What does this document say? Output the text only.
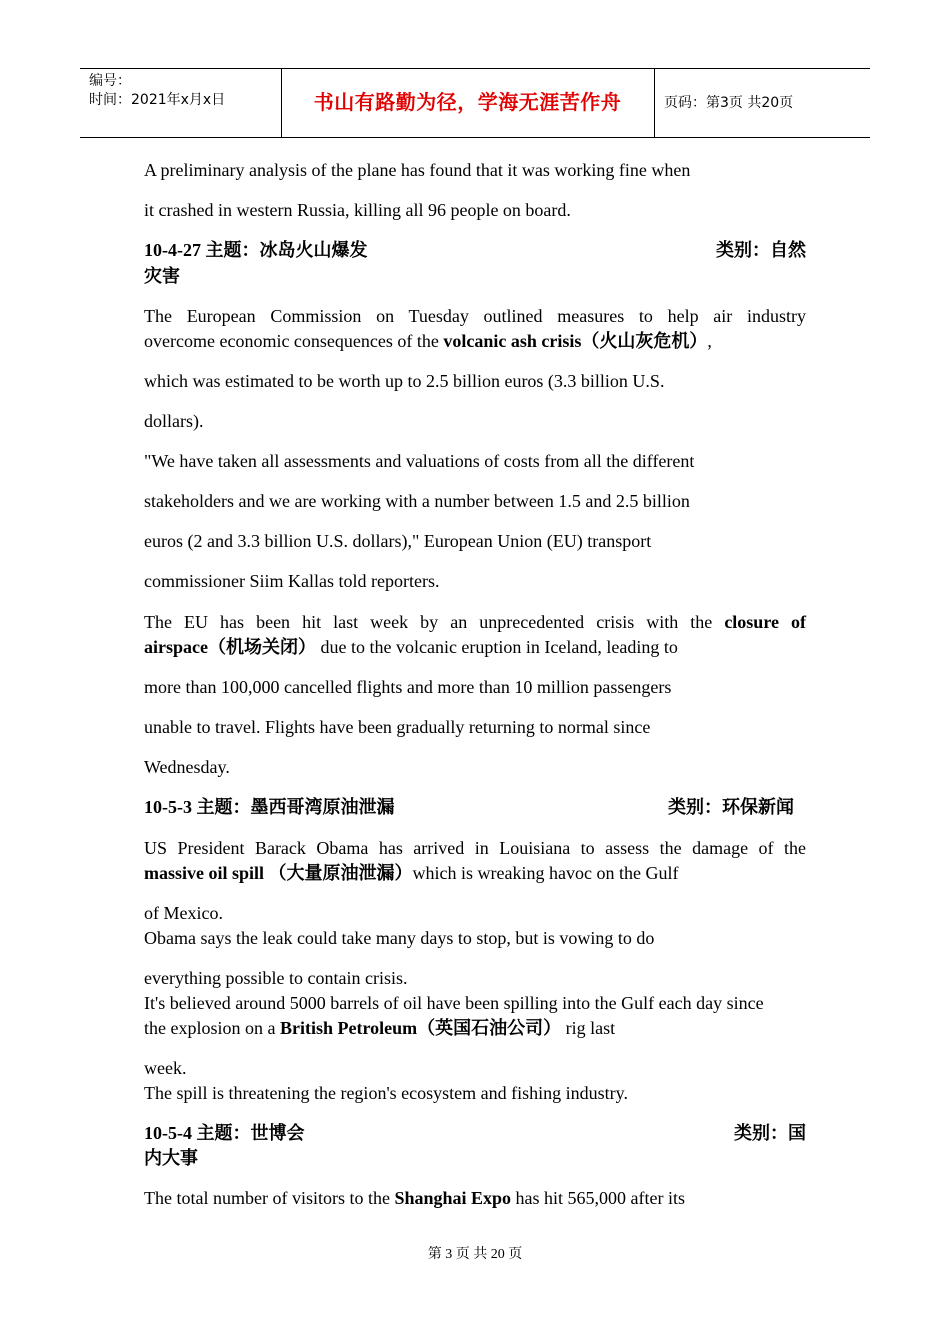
编号：
时间：2021年x月x日	书山有路勤为径，学海无涯苦作舟	页码：第3页 共20页
A preliminary analysis of the plane has found that it was working fine when
it crashed in western Russia, killing all 96 people on board.
10-4-27 主题：冰岛火山爆发	类别：自然
灾害
The European Commission on Tuesday outlined measures to help air industry
overcome economic consequences of the volcanic ash crisis（火山灰危机）,
which was estimated to be worth up to 2.5 billion euros (3.3 billion U.S.
dollars).
"We have taken all assessments and valuations of costs from all the different
stakeholders and we are working with a number between 1.5 and 2.5 billion
euros (2 and 3.3 billion U.S. dollars)," European Union (EU) transport
commissioner Siim Kallas told reporters.
The EU has been hit last week by an unprecedented crisis with the closure of
airspace（机场关闭） due to the volcanic eruption in Iceland, leading to
more than 100,000 cancelled flights and more than 10 million passengers
unable to travel. Flights have been gradually returning to normal since
Wednesday.
10-5-3 主题：墨西哥湾原油泄漏	类别：环保新闻
US President Barack Obama has arrived in Louisiana to assess the damage of the
massive oil spill （大量原油泄漏）which is wreaking havoc on the Gulf
of Mexico.
Obama says the leak could take many days to stop, but is vowing to do
everything possible to contain crisis.
It's believed around 5000 barrels of oil have been spilling into the Gulf each day since
the explosion on a British Petroleum（英国石油公司） rig last
week.
The spill is threatening the region's ecosystem and fishing industry.
10-5-4 主题：世博会	类别：国
内大事
The total number of visitors to the Shanghai Expo has hit 565,000 after its
第 3 页 共 20 页
